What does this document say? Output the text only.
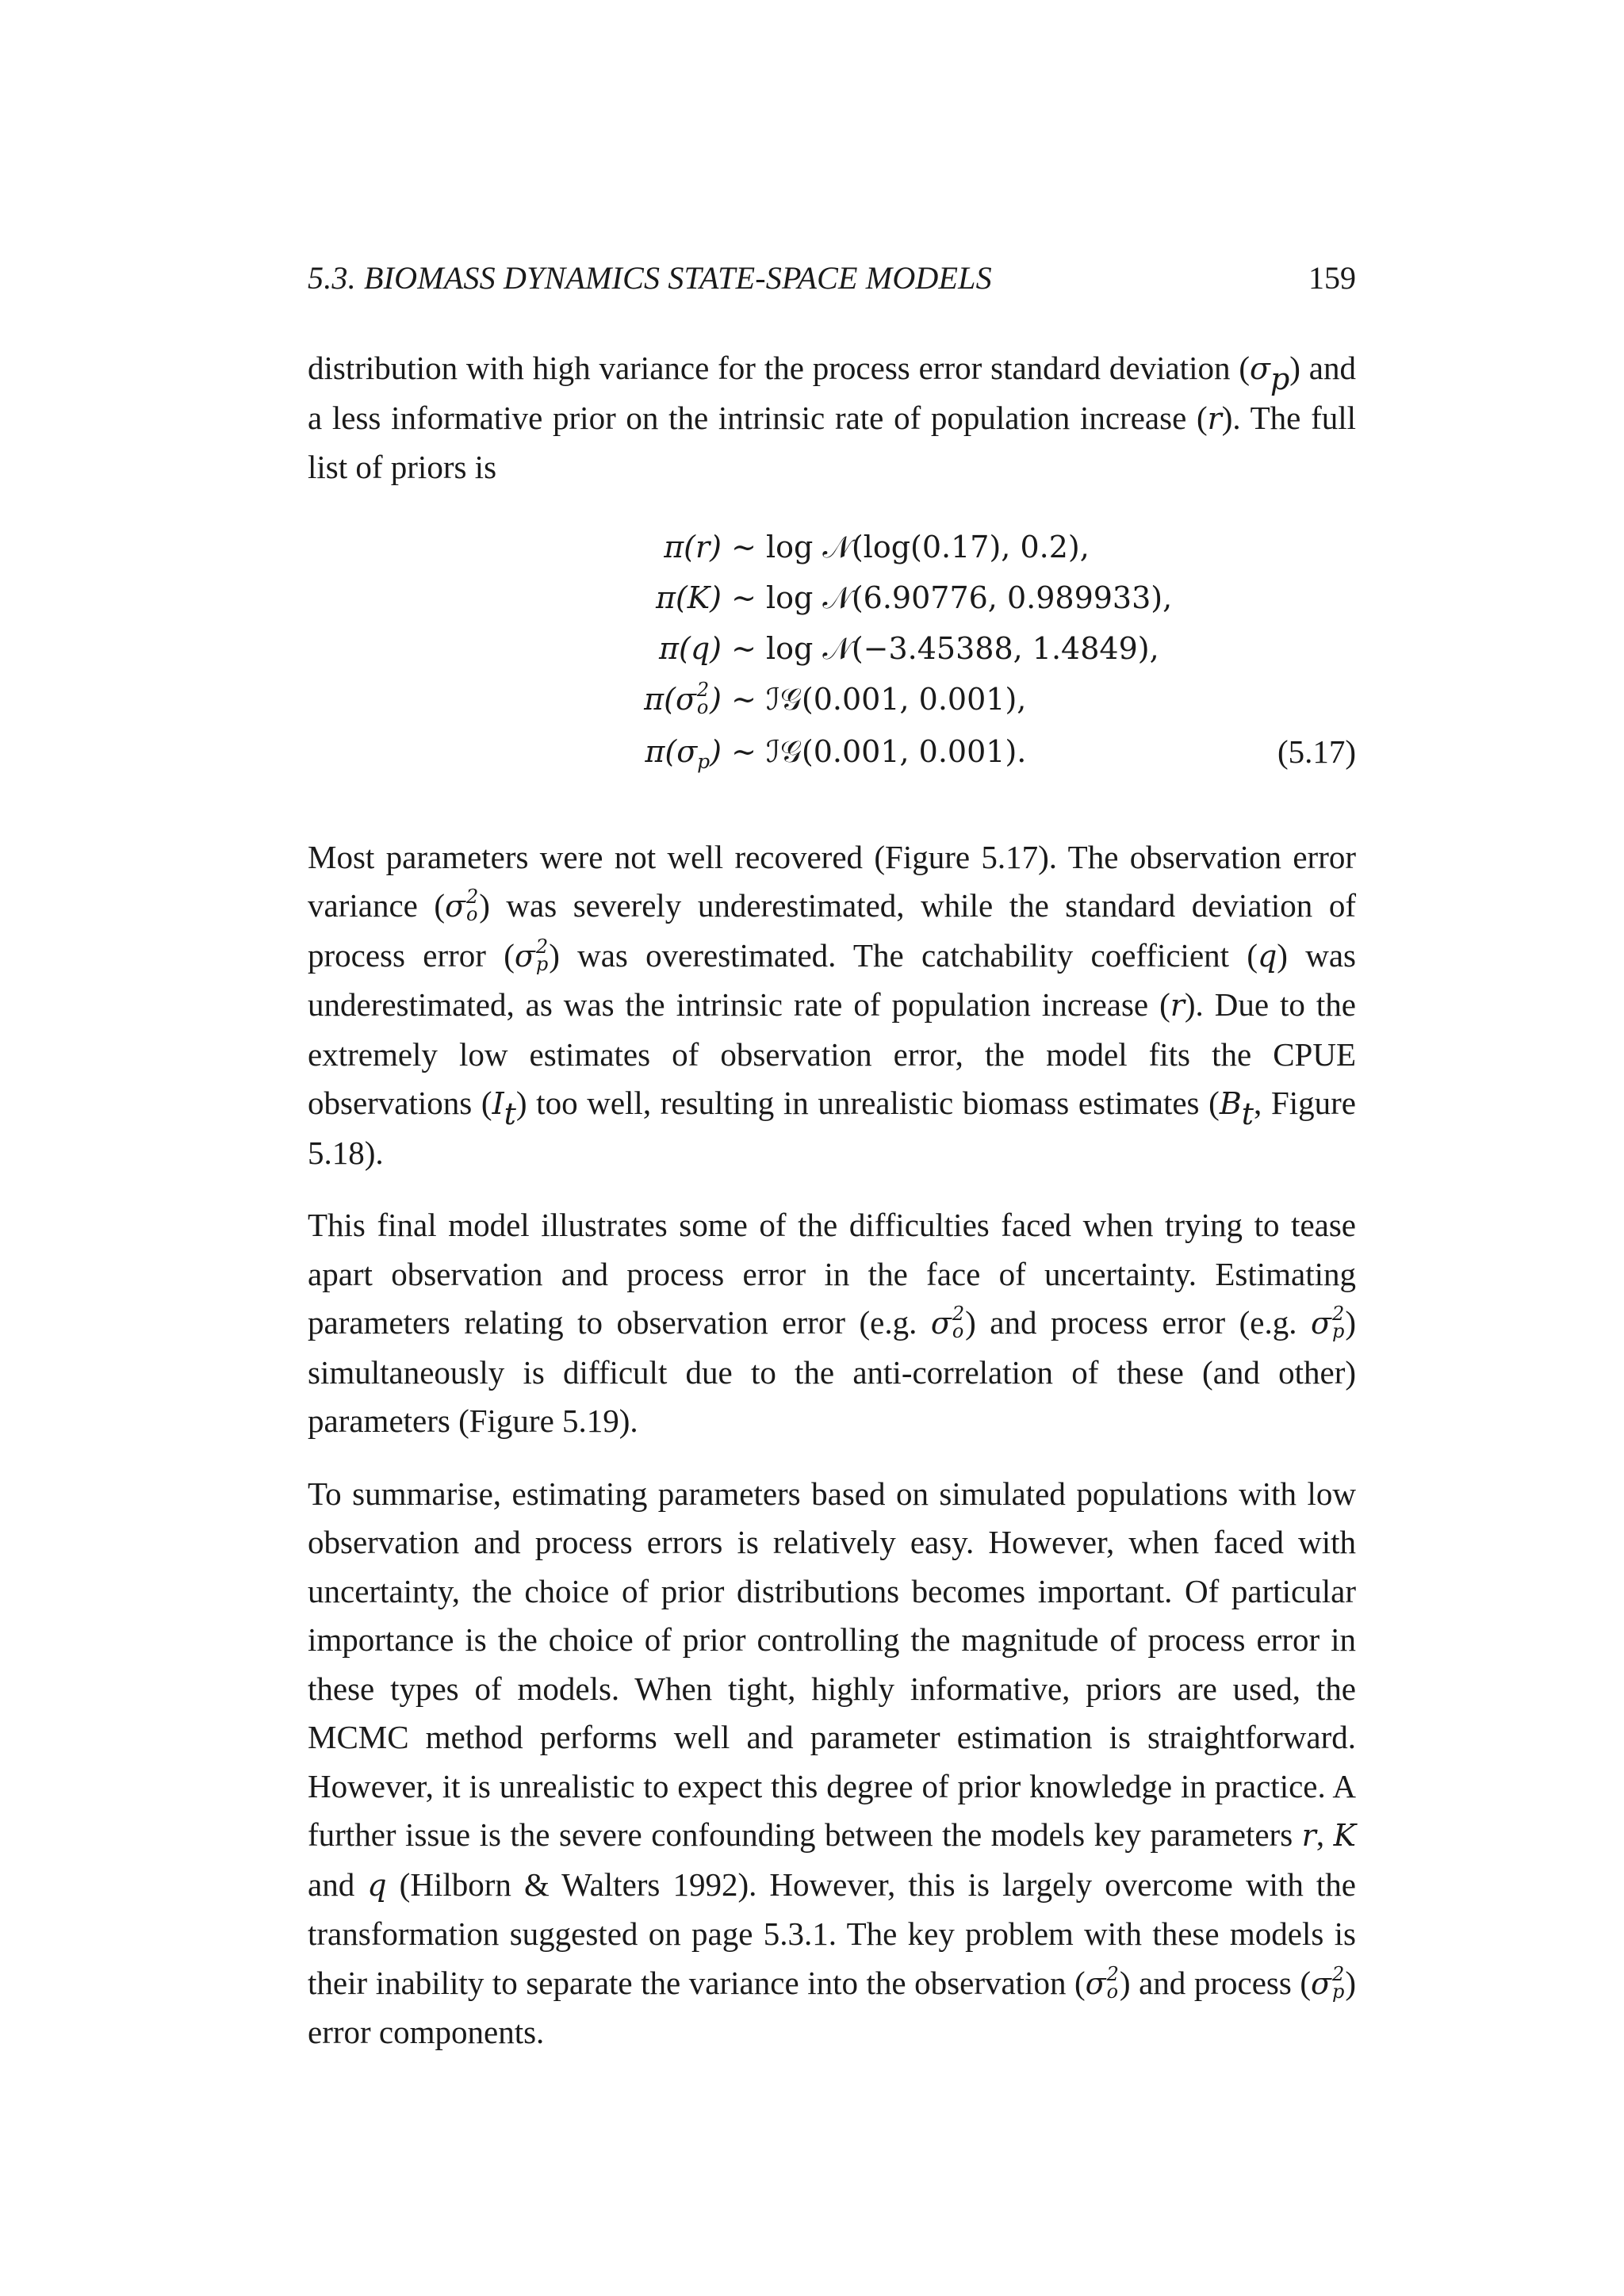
5.3. BIOMASS DYNAMICS STATE-SPACE MODELS	159

distribution with high variance for the process error standard deviation $(\sigma_p)$ and a less informative prior on the intrinsic rate of population increase (r). The full list of priors is

π(r) ∼ log 𝒩(log(0.17), 0.2),
π(K) ∼ log 𝒩(6.90776, 0.989933),
π(q) ∼ log 𝒩(−3.45388, 1.4849),
π(σ 2
o ) ∼ ℐ𝒢(0.001, 0.001),
$\pi(\sigma_p)$ ∼ ℐ𝒢(0.001, 0.001).	(5.17)

Most parameters were not well recovered (Figure 5.17). The observation error variance (σ 2
o ) was severely underestimated, while the standard deviation of process error (σ 2
p ) was overestimated. The catchability coefficient (q) was underestimated, as was the intrinsic rate of population increase (r). Due to the extremely low estimates of observation error, the model fits the CPUE observations $(I_t)$ too well, resulting in unrealistic biomass estimates ($B_t$, Figure 5.18).

This final model illustrates some of the difficulties faced when trying to tease apart observation and process error in the face of uncertainty. Estimating parameters relating to observation error (e.g. σ 2
o ) and process error (e.g. σ 2
p ) simultaneously is difficult due to the anti-correlation of these (and other) parameters (Figure 5.19).

To summarise, estimating parameters based on simulated populations with low observation and process errors is relatively easy. However, when faced with uncertainty, the choice of prior distributions becomes important. Of particular importance is the choice of prior controlling the magnitude of process error in these types of models. When tight, highly informative, priors are used, the MCMC method performs well and parameter estimation is straightforward. However, it is unrealistic to expect this degree of prior knowledge in practice. A further issue is the severe confounding between the models key parameters r, K and q (Hilborn & Walters 1992). However, this is largely overcome with the transformation suggested on page 5.3.1. The key problem with these models is their inability to separate the variance into the observation (σ 2
o ) and process (σ 2
p ) error components.
